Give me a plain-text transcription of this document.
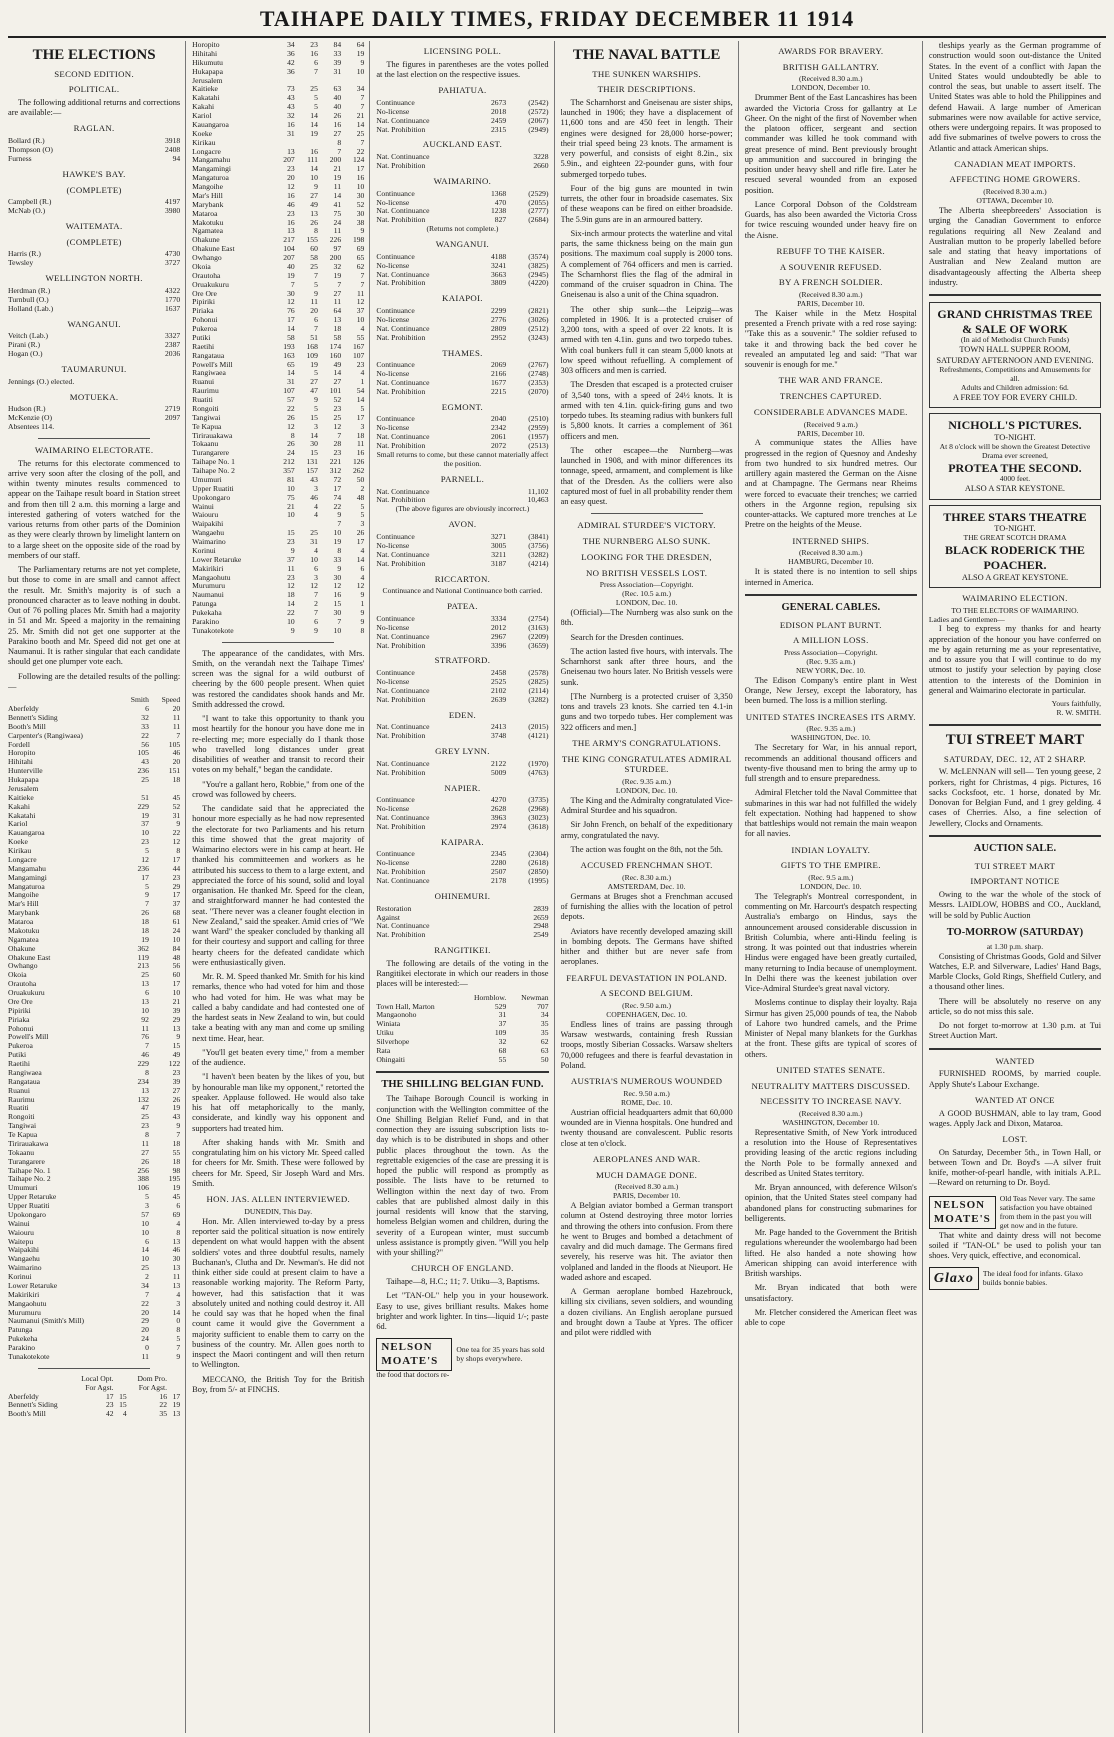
TAIHAPE DAILY TIMES, FRIDAY DECEMBER 11 1914
THE ELECTIONS
SECOND EDITION.
POLITICAL.

The following additional returns and corrections are available:—

RAGLAN.
Bollard (R.)	3918
Thompson (O)	2408
Furness	94
HAWKE'S BAY.
(COMPLETE)
Campbell (R.)	4197
McNab (O.)	3980
WAITEMATA.
(COMPLETE)
Harris (R.)	4730
Tewsley	3727
WELLINGTON NORTH.
Herdman (R.)	4322
Turnbull (O.)	1770
Holland (Lab.)	1637
WANGANUI.
Veitch (Lab.)	3327
Pirani (R.)	2387
Hogan (O.)	2036
TAUMARUNUI.
Jennings (O.) elected.
MOTUEKA.
Hudson (R.)	2719
McKenzie (O)	2097
Absentees 114.
WAIMARINO ELECTORATE.

The returns for this electorate commenced to arrive very soon after the closing of the poll, and within twenty minutes results commenced to appear on the Taihape result board in Station street and from then till 2 a.m. this morning a large and interested gathering of voters watched for the various returns from other parts of the Dominion as they were clearly thrown by limelight lantern on to a large sheet on the opposite side of the road by members of our staff.

The Parliamentary returns are not yet complete, but those to come in are small and cannot affect the result. Mr. Smith's majority is of such a pronounced character as to leave nothing in doubt. Out of 76 polling places Mr. Smith had a majority in 51 and Mr. Speed a majority in the remaining 25. Mr. Smith did not get one supporter at the Parakino booth and Mr. Speed did not get one at Naumanui. It is rather singular that each candidate should get one plumper vote each.

Following are the detailed results of the polling:—

	Smith	Speed
Aberfeldy	6	20
Bennett's Siding	32	11
Booth's Mill	33	11
Carpenter's (Rangiwaea)	22	7
Fordell	56	105
Horopito	105	46
Hihitahi	43	20
Hunterville	236	151
Hukapapa	25	18
Jerusalem		
Kaitieke	51	45
Kakahi	229	52
Kakatahi	19	31
Kariol	37	9
Kauangaroa	10	22
Koeke	23	12
Kirikau	5	8
Longacre	12	17
Mangamahu	236	44
Mangamingi	17	23
Mangaturoa	5	29
Mangoihe	9	17
Mar's Hill	7	37
Marybank	26	68
Mataroa	18	61
Makotuku	18	24
Ngamatea	19	10
Ohakune	362	84
Ohakune East	119	48
Owhango	213	56
Okoia	25	60
Orautoha	13	17
Oruakukuru	6	10
Ore Ore	13	21
Pipiriki	10	39
Piriaka	92	29
Pohonui	11	13
Powell's Mill	76	9
Pukeroa	7	15
Putiki	46	49
Raetihi	229	122
Rangiwaea	8	23
Rangataua	234	39
Ruanui	13	27
Raurimu	132	26
Ruatiti	47	19
Rongoiti	25	43
Tangiwai	23	9
Te Kapua	8	7
Tirirauakawa	11	18
Tokaanu	27	55
Turangarere	26	18
Taihape No. 1	256	98
Taihape No. 2	388	195
Umumuri	106	19
Upper Retaruke	5	45
Upper Ruatiti	3	6
Upokongaro	57	69
Wainui	10	4
Waiouru	10	8
Waitepu	6	13
Waipakihi	14	46
Wangaehu	10	30
Waimarino	25	13
Korinui	2	11
Lower Retaruke	34	13
Makirikiri	7	4
Mangaohutu	22	3
Murumuru	20	14
Naumanui (Smith's Mill)	29	0
Patunga	20	8
Pukekeha	24	5
Parakino	0	7
Tunakotekote	11	9
	Local Opt.		Dom Pro.	
	For Agst.		For Agst.	
Aberfeldy	17	15	16	17
Bennett's Siding	23	15	22	19
Booth's Mill	42	4	35	13
Horopito	34	23	84	64
Hihitahi	36	16	33	19
Hikumutu	42	6	39	9
Hukapapa	36	7	31	10
Jerusalem				
Kaitieke	73	25	63	34
Kakatahi	43	5	40	7
Kakahi	43	5	40	7
Kariol	32	14	26	21
Kauangaroa	16	14	16	14
Koeke	31	19	27	25
Kirikau			8	7
Longacre	13	16	7	22
Mangamahu	207	111	200	124
Mangamingi	23	14	21	17
Mangaturoa	20	10	19	16
Mangoihe	12	9	11	10
Mar's Hill	16	27	14	30
Marybank	46	49	41	52
Mataroa	23	13	75	30
Makotuku	16	26	24	38
Ngamatea	13	8	11	9
Ohakune	217	155	226	198
Ohakune East	104	60	97	69
Owhango	207	58	200	65
Okoia	40	25	32	62
Orautoha	19	7	19	7
Oruakukuru	7	5	7	7
Ore Ore	30	9	27	11
Pipiriki	12	11	11	12
Piriaka	76	20	64	37
Pohonui	17	6	13	10
Pukeroa	14	7	18	4
Putiki	58	51	58	55
Raetihi	193	168	174	167
Rangataua	163	109	160	107
Powell's Mill	65	19	49	23
Rangiwaea	14	5	14	4
Ruanui	31	27	27	1
Raurimu	107	47	101	54
Ruatiti	57	9	52	14
Rongoiti	22	5	23	5
Tangiwai	26	15	25	17
Te Kapua	12	3	12	3
Tirirauakawa	8	14	7	18
Tokaanu	26	30	28	11
Turangarere	24	15	23	16
Taihape No. 1	212	131	221	126
Taihape No. 2	357	157	312	262
Umumuri	81	43	72	50
Upper Ruatiti	10	3	17	2
Upokongaro	75	46	74	48
Wainui	21	4	22	5
Waiouru	10	4	9	5
Waipakihi			7	3
Wangaehu	15	25	10	26
Waimarino	23	31	19	17
Korinui	9	4	8	4
Lower Retaruke	37	10	33	14
Makirikiri	11	6	9	6
Mangaohutu	23	3	30	4
Murumuru	12	12	12	12
Naumanui	18	7	16	9
Patunga	14	2	15	1
Pukekaha	22	7	30	9
Parakino	10	6	7	9
Tunakotekote	9	9	10	8

The appearance of the candidates, with Mrs. Smith, on the verandah next the Taihape Times' screen was the signal for a wild outburst of cheering by the 600 people present. When quiet was restored the candidates shook hands and Mr. Smith addressed the crowd.

"I want to take this opportunity to thank you most heartily for the honour you have done me in re-electing me; more especially do I thank those who travelled long distances under great disabilities of weather and transit to record their votes on my behalf," began the candidate.

"You're a gallant hero, Robbie," from one of the crowd was followed by cheers.

The candidate said that he appreciated the honour more especially as he had now represented the electorate for two Parliaments and his return this time showed that the great majority of Waimarino electors were in his camp at heart. He thanked his committeemen and workers as he attributed his success to them to a large extent, and appreciated the force of his sound, solid and loyal organisation. He thanked Mr. Speed for the clean, and straightforward manner he had contested the seat. "There never was a cleaner fought election in New Zealand," said the speaker. Amid cries of "We want Ward" the speaker concluded by thanking all for their courtesy and support and calling for three hearty cheers for the defeated candidate which were enthusiastically given.

Mr. R. M. Speed thanked Mr. Smith for his kind remarks, thence who had voted for him and those who had voted for him. He was what may be called a baby candidate and had contested one of the hardest seats in New Zealand to win, but could take a beating with any man and come up smiling next time. Hear, hear.

"You'll get beaten every time," from a member of the audience.

"I haven't been beaten by the likes of you, but by honourable man like my opponent," retorted the speaker. Applause followed. He would also take his hat off metaphorically to the manly, considerate, and kindly way his opponent and supporters had treated him.

After shaking hands with Mr. Smith and congratulating him on his victory Mr. Speed called for cheers for Mr. Smith. These were followed by cheers for Mr. Speed, Sir Joseph Ward and Mrs. Smith.

HON. JAS. ALLEN INTERVIEWED.
DUNEDIN, This Day.

Hon. Mr. Allen interviewed to-day by a press reporter said the political situation is now entirely dependent on what would happen with the absent soldiers' votes and three doubtful results, namely Buchanan's, Clutha and Dr. Newman's. He did not think either side could at present claim to have a reasonable working majority. The Reform Party, however, had this satisfaction that it was absolutely united and nothing could destroy it. All he could say was that he hoped when the final count came it would give the Government a majority sufficient to enable them to carry on the business of the country. Mr. Allen goes north to inspect the Maori contingent and will then return to Wellington.

MECCANO, the British Toy for the British Boy, from 5/- at FINCHS.

LICENSING POLL.

The figures in parentheses are the votes polled at the last election on the respective issues.

PAHIATUA.
Continuance	2673	(2542)
No-license	2018	(2572)
Nat. Continuance	2459	(2067)
Nat. Prohibition	2315	(2949)
AUCKLAND EAST.
Nat. Continuance		3228
Nat. Prohibition		2660
WAIMARINO.
Continuance	1368	(2529)
No-license	470	(2055)
Nat. Continuance	1238	(2777)
Nat. Prohibition	827	(2684)
(Returns not complete.)
WANGANUI.
Continuance	4188	(3574)
No-license	3241	(3825)
Nat. Continuance	3663	(2945)
Nat. Prohibition	3809	(4220)
KAIAPOI.
Continuance	2299	(2821)
No-license	2776	(3026)
Nat. Continuance	2809	(2512)
Nat. Prohibition	2952	(3243)
THAMES.
Continuance	2069	(2767)
No-license	2166	(2748)
Nat. Continuance	1677	(2353)
Nat. Prohibition	2215	(2070)
EGMONT.
Continuance	2040	(2510)
No-license	2342	(2959)
Nat. Continuance	2061	(1957)
Nat. Prohibition	2072	(2513)
Small returns to come, but these cannot materially affect the position.
PARNELL.
Nat. Continuance		11,102
Nat. Prohibition		10,463
(The above figures are obviously incorrect.)
AVON.
Continuance	3271	(3841)
No-license	3005	(3756)
Nat. Continuance	3211	(3282)
Nat. Prohibition	3187	(4214)
RICCARTON.
Continuance and National Continuance both carried.
PATEA.
Continuance	3334	(2754)
No-license	2012	(3163)
Nat. Continuance	2967	(2209)
Nat. Prohibition	3396	(3659)
STRATFORD.
Continuance	2458	(2578)
No-license	2525	(2825)
Nat. Continuance	2102	(2114)
Nat. Prohibition	2639	(3282)
EDEN.
Nat. Continuance	2413	(2015)
Nat. Prohibition	3748	(4121)
GREY LYNN.
Nat. Continuance	2122	(1970)
Nat. Prohibition	5009	(4763)
NAPIER.
Continuance	4270	(3735)
No-license	2628	(2968)
Nat. Continuance	3963	(3023)
Nat. Prohibition	2974	(3618)
KAIPARA.
Continuance	2345	(2304)
No-license	2280	(2618)
Nat. Prohibition	2507	(2850)
Nat. Continuance	2178	(1995)
OHINEMURI.
Restoration		2839
Against		2659
Nat. Continuance		2948
Nat. Prohibition		2549
RANGITIKEI.

The following are details of the voting in the Rangitikei electorate in which our readers in those places will be interested:—

	Hornblow.	Newman
Town Hall, Marton	529	707
Mangaonoho	31	34
Winiata	37	35
Utiku	109	35
Silverhope	32	62
Rata	68	63
Ohingaiti	55	50
THE SHILLING BELGIAN FUND.

The Taihape Borough Council is working in conjunction with the Wellington committee of the One Shilling Belgian Relief Fund, and in that connection they are issuing subscription lists to-day which is to be distributed in shops and other public places throughout the town. As the regrettable exigencies of the case are pressing it is hoped the public will respond as promptly as possible. The lists have to be returned to Wellington within the next day of two. From cables that are published almost daily in this journal residents will know that the starving, homeless Belgian women and children, during the severity of a European winter, must succumb unless assistance is promptly given. "Will you help with your shilling?"

CHURCH OF ENGLAND.

Taihape—8, H.C.; 11; 7. Utiku—3, Baptisms.

Let "TAN-OL" help you in your housework. Easy to use, gives brilliant results. Makes home brighter and work lighter. In tins—liquid 1/-; paste 6d.

NELSON MOATE'S
One tea for 35 years has sold by shops everywhere.
the food that doctors re-
THE NAVAL BATTLE
THE SUNKEN WARSHIPS.
THEIR DESCRIPTIONS.

The Scharnhorst and Gneisenau are sister ships, launched in 1906; they have a displacement of 11,600 tons and are 450 feet in length. Their engines were designed for 28,000 horse-power; their trial speed being 23 knots. The armament is very powerful, and consists of eight 8.2in., six 5.9in., and eighteen 22-pounder guns, with four submerged torpedo tubes.

Four of the big guns are mounted in twin turrets, the other four in broadside casemates. Six of these weapons can be fired on either broadside. The 5.9in guns are in an armoured battery.

Six-inch armour protects the waterline and vital parts, the same thickness being on the main gun positions. The maximum coal supply is 2000 tons. A complement of 764 officers and men is carried. The Scharnhorst flies the flag of the admiral in command of the cruiser squadron in China. The Gneisenau is also a unit of the China squadron.

The other ship sunk—the Leipzig—was completed in 1906. It is a protected cruiser of 3,200 tons, with a speed of over 22 knots. It is armed with ten 4.1in. guns and two torpedo tubes. With coal bunkers full it can steam 5,000 knots at low speed without refuelling. A complement of 303 officers and men is carried.

The Dresden that escaped is a protected cruiser of 3,540 tons, with a speed of 24½ knots. It is armed with ten 4.1in. quick-firing guns and two torpedo tubes. Its steaming radius with bunkers full is 5,800 knots. It carries a complement of 361 officers and men.

The other escapee—the Nurnberg—was launched in 1908, and with minor differences its tonnage, speed, armament, and complement is like that of the Dresden. As the colliers were also captured most of fuel in all probability render them an easy quest.

ADMIRAL STURDEE'S VICTORY.
THE NURNBERG ALSO SUNK.
LOOKING FOR THE DRESDEN,
NO BRITISH VESSELS LOST.
Press Association—Copyright.
(Rec. 10.5 a.m.)
LONDON, Dec. 10.

(Official)—The Nurnberg was also sunk on the 8th.

Search for the Dresden continues.

The action lasted five hours, with intervals. The Scharnhorst sank after three hours, and the Gneisenau two hours later. No British vessels were sunk.

[The Nurnberg is a protected cruiser of 3,350 tons and travels 23 knots. She carried ten 4.1-in guns and two torpedo tubes. Her complement was 322 officers and men.]

THE ARMY'S CONGRATULATIONS.
THE KING CONGRATULATES ADMIRAL STURDEE.
(Rec. 9.35 a.m.)
LONDON, Dec. 10.

The King and the Admiralty congratulated Vice-Admiral Sturdee and his squadron.

Sir John French, on behalf of the expeditionary army, congratulated the navy.

The action was fought on the 8th, not the 5th.

ACCUSED FRENCHMAN SHOT.
(Rec. 8.30 a.m.)
AMSTERDAM, Dec. 10.

Germans at Bruges shot a Frenchman accused of furnishing the allies with the location of petrol depots.

Aviators have recently developed amazing skill in bombing depots. The Germans have shifted hither and thither but are never safe from aeroplanes.

FEARFUL DEVASTATION IN POLAND.
A SECOND BELGIUM.
(Rec. 9.50 a.m.)
COPENHAGEN, Dec. 10.

Endless lines of trains are passing through Warsaw westwards, containing fresh Russian troops, mostly Siberian Cossacks. Warsaw shelters 70,000 refugees and there is fearful devastation in Poland.

AUSTRIA'S NUMEROUS WOUNDED
Rec. 9.50 a.m.)
ROME, Dec. 10.

Austrian official headquarters admit that 60,000 wounded are in Vienna hospitals. One hundred and twenty thousand are convalescent. Public resorts close at ten o'clock.

AEROPLANES AND WAR.
MUCH DAMAGE DONE.
(Received 8.30 a.m.)
PARIS, December 10.

A Belgian aviator bombed a German transport column at Ostend destroying three motor lorries and throwing the others into confusion. From there he went to Bruges and bombed a detachment of cavalry and did much damage. The Germans fired severely, his reserve was hit. The aviator then volplaned and landed in the floods at Nieuport. He waded ashore and escaped.

A German aeroplane bombed Hazebrouck, killing six civilians, seven soldiers, and wounding a dozen civilians. An English aeroplane pursued and brought down a Taube at Ypres. The officer and pilot were riddled with

AWARDS FOR BRAVERY.
BRITISH GALLANTRY.
(Received 8.30 a.m.)
LONDON, December 10.

Drummer Bent of the East Lancashires has been awarded the Victoria Cross for gallantry at Le Gheer. On the night of the first of November when the platoon officer, sergeant and section commander was killed he took command with great presence of mind. Bent previously brought up ammunition and succoured in bringing the position under heavy shell and rifle fire. Later he rescued several wounded from an exposed position.

Lance Corporal Dobson of the Coldstream Guards, has also been awarded the Victoria Cross for twice rescuing wounded under heavy fire on the Aisne.

REBUFF TO THE KAISER.
A SOUVENIR REFUSED.
BY A FRENCH SOLDIER.
(Received 8.30 a.m.)
PARIS, December 10.

The Kaiser while in the Metz Hospital presented a French private with a red rose saying: "Take this as a souvenir." The soldier refused to take it and throwing back the bed cover he revealed an amputated leg and said: "That war souvenir is enough for me."

THE WAR AND FRANCE.
TRENCHES CAPTURED.
CONSIDERABLE ADVANCES MADE.
(Received 9 a.m.)
PARIS, December 10.

A communique states the Allies have progressed in the region of Quesnoy and Andeshy from two hundred to six hundred metres. Our artillery again mastered the German on the Aisne and at Champagne. The Germans near Rheims were forced to evacuate their trenches; we carried others in the Argonne region, repulsing six counter-attacks. We captured more trenches at Le Pretre on the heights of the Meuse.

INTERNED SHIPS.
(Received 8.30 a.m.)
HAMBURG, December 10.

It is stated there is no intention to sell ships interned in America.

GENERAL CABLES.
EDISON PLANT BURNT.
A MILLION LOSS.
Press Association—Copyright.
(Rec. 9.35 a.m.)
NEW YORK, Dec. 10.

The Edison Company's entire plant in West Orange, New Jersey, except the laboratory, has been burned. The loss is a million sterling.

UNITED STATES INCREASES ITS ARMY.
(Rec. 9.35 a.m.)
WASHINGTON, Dec. 10.

The Secretary for War, in his annual report, recommends an additional thousand officers and twenty-five thousand men to bring the army up to full strength and to ensure preparedness.

Admiral Fletcher told the Naval Committee that submarines in this war had not fulfilled the widely felt expectation. Nothing had happened to show that battleships would not remain the main weapon for all navies.

INDIAN LOYALTY.
GIFTS TO THE EMPIRE.
(Rec. 9.5 a.m.)
LONDON, Dec. 10.

The Telegraph's Montreal correspondent, in commenting on Mr. Harcourt's despatch respecting Australia's embargo on Hindus, says the announcement aroused considerable discussion in British Columbia, where anti-Hindu feeling is strong. It was pointed out that industries wherein Hindus were engaged have been greatly curtailed, many returning to India because of unemployment. In Delhi there was the keenest jubilation over Vice-Admiral Sturdee's great naval victory.

Moslems continue to display their loyalty. Raja Sirmur has given 25,000 pounds of tea, the Nabob of Lahore two hundred camels, and the Prime Minister of Nepal many blankets for the Gurkhas at the front. These gifts are typical of scores of others.

UNITED STATES SENATE.
NEUTRALITY MATTERS DISCUSSED.
NECESSITY TO INCREASE NAVY.
(Received 8.30 a.m.)
WASHINGTON, December 10.

Representative Smith, of New York introduced a resolution into the House of Representatives providing leasing of the arctic regions including the North Pole to be formally annexed and described as United States territory.

Mr. Bryan announced, with deference Wilson's opinion, that the United States steel company had abandoned plans for constructing submarines for belligerents.

Mr. Page handed to the Government the British regulations whereunder the woolembargo had been lifted. He also handed a note showing how American shipping can avoid interference with British warships.

Mr. Bryan indicated that both were unsatisfactory.

Mr. Fletcher considered the American fleet was able to cope

tleships yearly as the German programme of construction would soon out-distance the United States. In the event of a conflict with Japan the United States would undoubtedly be able to control the seas, but unable to assert itself. The United States was able to hold the Philippines and defend Hawaii. A large number of American submarines were now available for active service, others were undergoing repairs. It was proposed to add five submarines of twelve powers to cross the Atlantic and attack American ships.

CANADIAN MEAT IMPORTS.
AFFECTING HOME GROWERS.
(Received 8.30 a.m.)
OTTAWA, December 10.

The Alberta sheepbreeders' Association is urging the Canadian Government to enforce regulations requiring all New Zealand and Australian mutton to be properly labelled before sale and stating that heavy importations of Australian and New Zealand mutton are disadvantageously affecting the Alberta sheep industry.

GRAND CHRISTMAS TREE & SALE OF WORK
(In aid of Methodist Church Funds)
TOWN HALL SUPPER ROOM,
SATURDAY AFTERNOON AND EVENING.
Refreshments, Competitions and Amusements for all.
Adults and Children admission: 6d.
A FREE TOY FOR EVERY CHILD.
NICHOLL'S PICTURES.
TO-NIGHT.
At 8 o'clock will be shown the Greatest Detective Drama ever screened,
PROTEA THE SECOND.
4000 feet.
ALSO A STAR KEYSTONE.
THREE STARS THEATRE
TO-NIGHT.
THE GREAT SCOTCH DRAMA
BLACK RODERICK THE POACHER.
ALSO A GREAT KEYSTONE.
WAIMARINO ELECTION.
TO THE ELECTORS OF WAIMARINO.
Ladies and Gentlemen—

I beg to express my thanks for and hearty appreciation of the honour you have conferred on me by again returning me as your representative, and to assure you that I will continue to do my utmost to justify your selection by paying close attention to the interests of the Dominion in general and Waimarino electorate in particular.

Yours faithfully,
R. W. SMITH.
TUI STREET MART
SATURDAY, DEC. 12, AT 2 SHARP.

W. McLENNAN will sell— Ten young geese, 2 porkers, right for Christmas, 4 pigs. Pictures, 16 sacks Cocksfoot, etc. 1 horse, donated by Mr. Donovan for Belgian Fund, and 1 grey gelding. 4 cases of Cherries. Also, a fine selection of Jewellery, Clocks and Ornaments.

AUCTION SALE.
TUI STREET MART
IMPORTANT NOTICE

Owing to the war the whole of the stock of Messrs. LAIDLOW, HOBBS and CO., Auckland, will be sold by Public Auction

TO-MORROW (SATURDAY)
at 1.30 p.m. sharp.

Consisting of Christmas Goods, Gold and Silver Watches, E.P. and Silverware, Ladies' Hand Bags, Marble Clocks, Gold Rings, Sheffield Cutlery, and a thousand other lines.

There will be absolutely no reserve on any article, so do not miss this sale.

Do not forget to-morrow at 1.30 p.m. at Tui Street Auction Mart.

WANTED

FURNISHED ROOMS, by married couple. Apply Shute's Labour Exchange.

WANTED AT ONCE

A GOOD BUSHMAN, able to lay tram, Good wages. Apply Jack and Dixon, Mataroa.

LOST.

On Saturday, December 5th., in Town Hall, or between Town and Dr. Boyd's —A silver fruit knife, mother-of-pearl handle, with initials A.P.L.—Reward on returning to Dr. Boyd.

NELSON MOATE'S
Old Teas Never vary. The same satisfaction you have obtained from them in the past you will get now and in the future.

That white and dainty dress will not become soiled if "TAN-OL" be used to polish your tan shoes. Very quick, effective, and economical.

Glaxo	The ideal food for infants. Glaxo builds bonnie babies.
